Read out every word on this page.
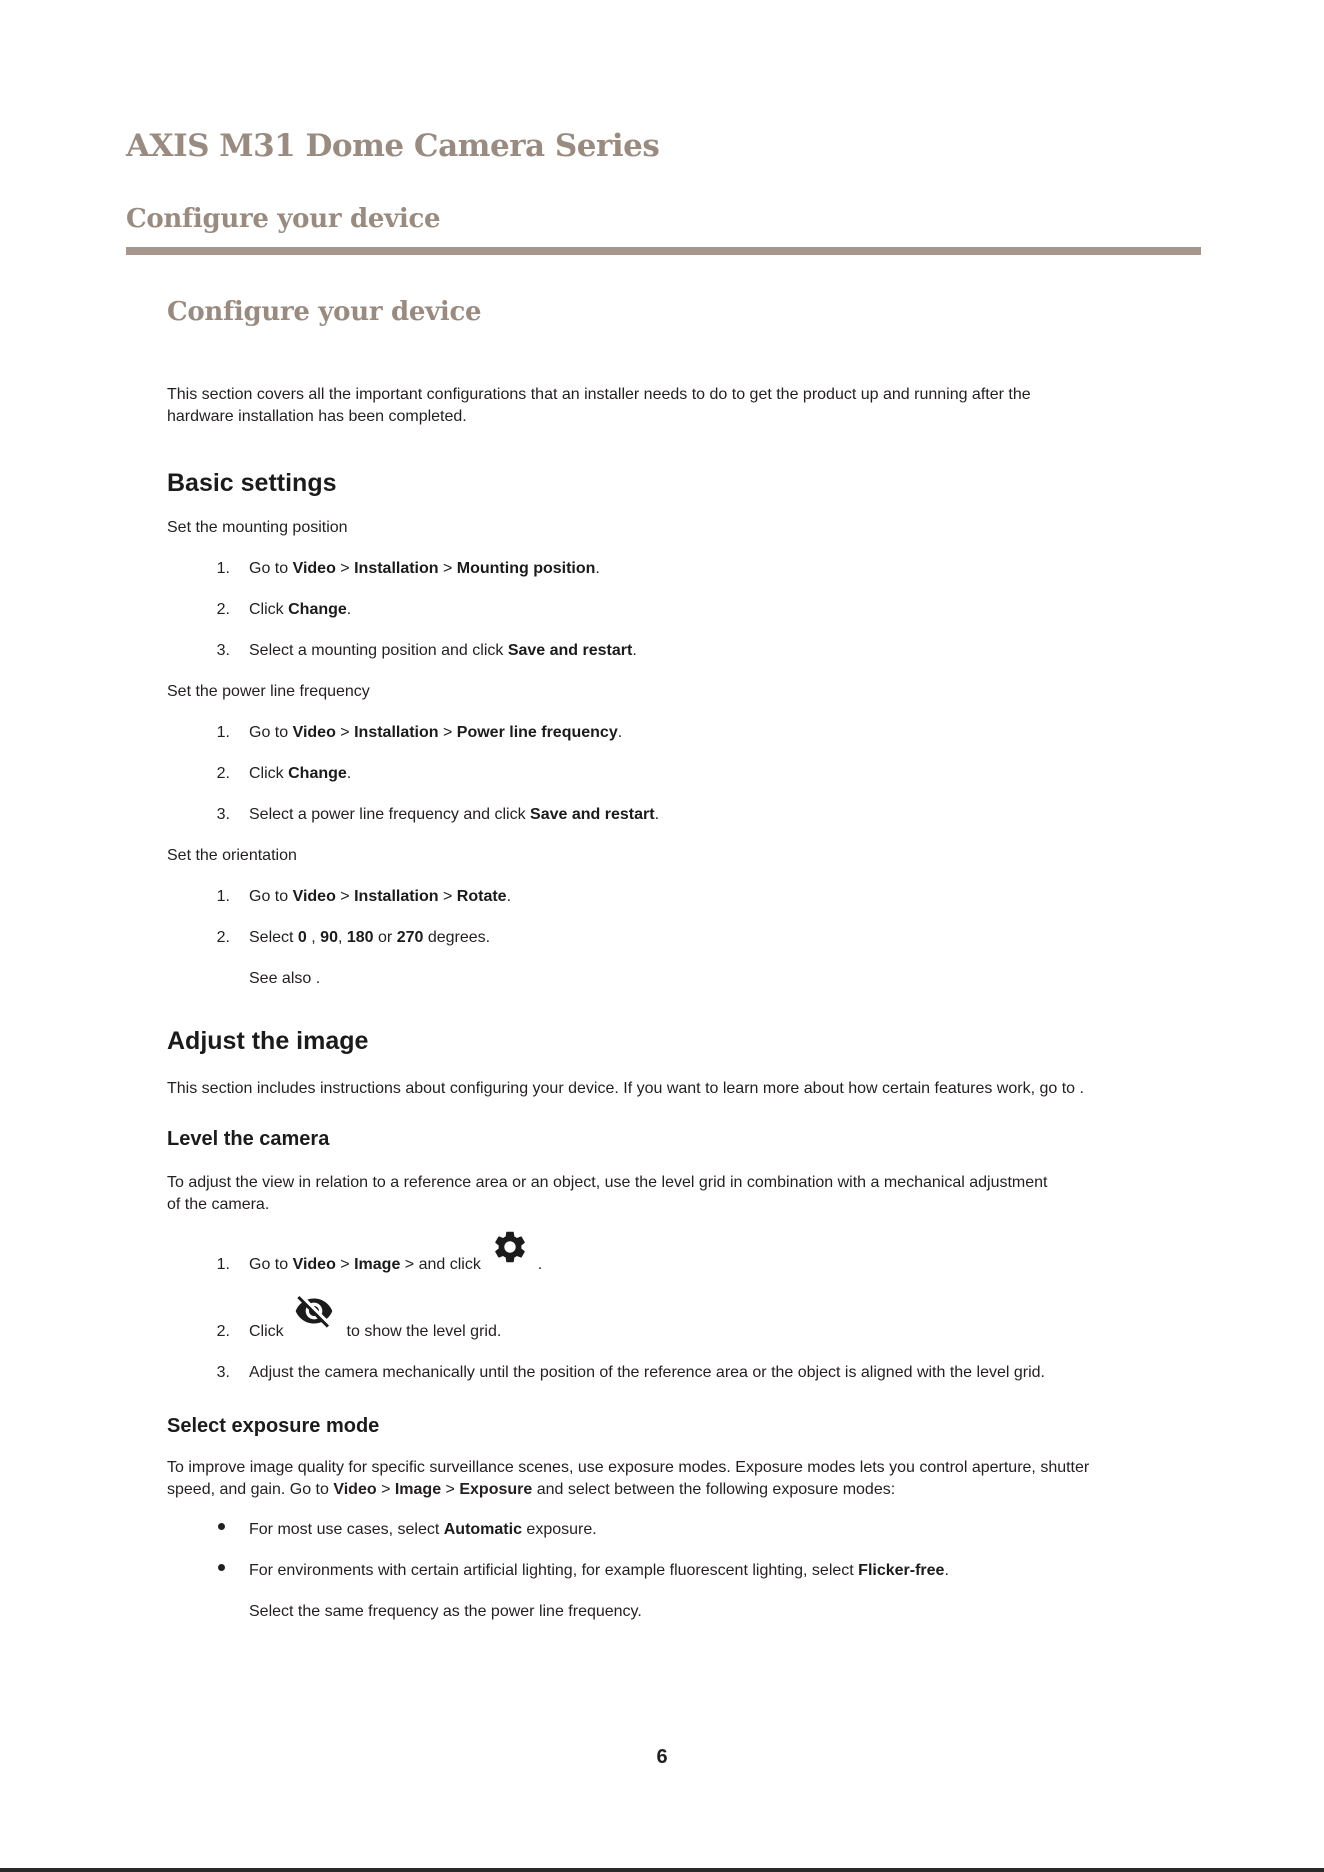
AXIS M31 Dome Camera Series
Configure your device
Configure your device
This section covers all the important configurations that an installer needs to do to get the product up and running after the
hardware installation has been completed.
Basic settings
Set the mounting position
1. Go to Video > Installation > Mounting position.
2. Click Change.
3. Select a mounting position and click Save and restart.
Set the power line frequency
1. Go to Video > Installation > Power line frequency.
2. Click Change.
3. Select a power line frequency and click Save and restart.
Set the orientation
1. Go to Video > Installation > Rotate.
2. Select 0 , 90, 180 or 270 degrees.
See also .
Adjust the image
This section includes instructions about configuring your device. If you want to learn more about how certain features work, go to .
Level the camera
To adjust the view in relation to a reference area or an object, use the level grid in combination with a mechanical adjustment
of the camera.
1. Go to Video > Image > and click	.
2. Click	to show the level grid.
3. Adjust the camera mechanically until the position of the reference area or the object is aligned with the level grid.
Select exposure mode
To improve image quality for specific surveillance scenes, use exposure modes. Exposure modes lets you control aperture, shutter
speed, and gain. Go to Video > Image > Exposure and select between the following exposure modes:
For most use cases, select Automatic exposure.
For environments with certain artificial lighting, for example fluorescent lighting, select Flicker-free.
Select the same frequency as the power line frequency.
6
